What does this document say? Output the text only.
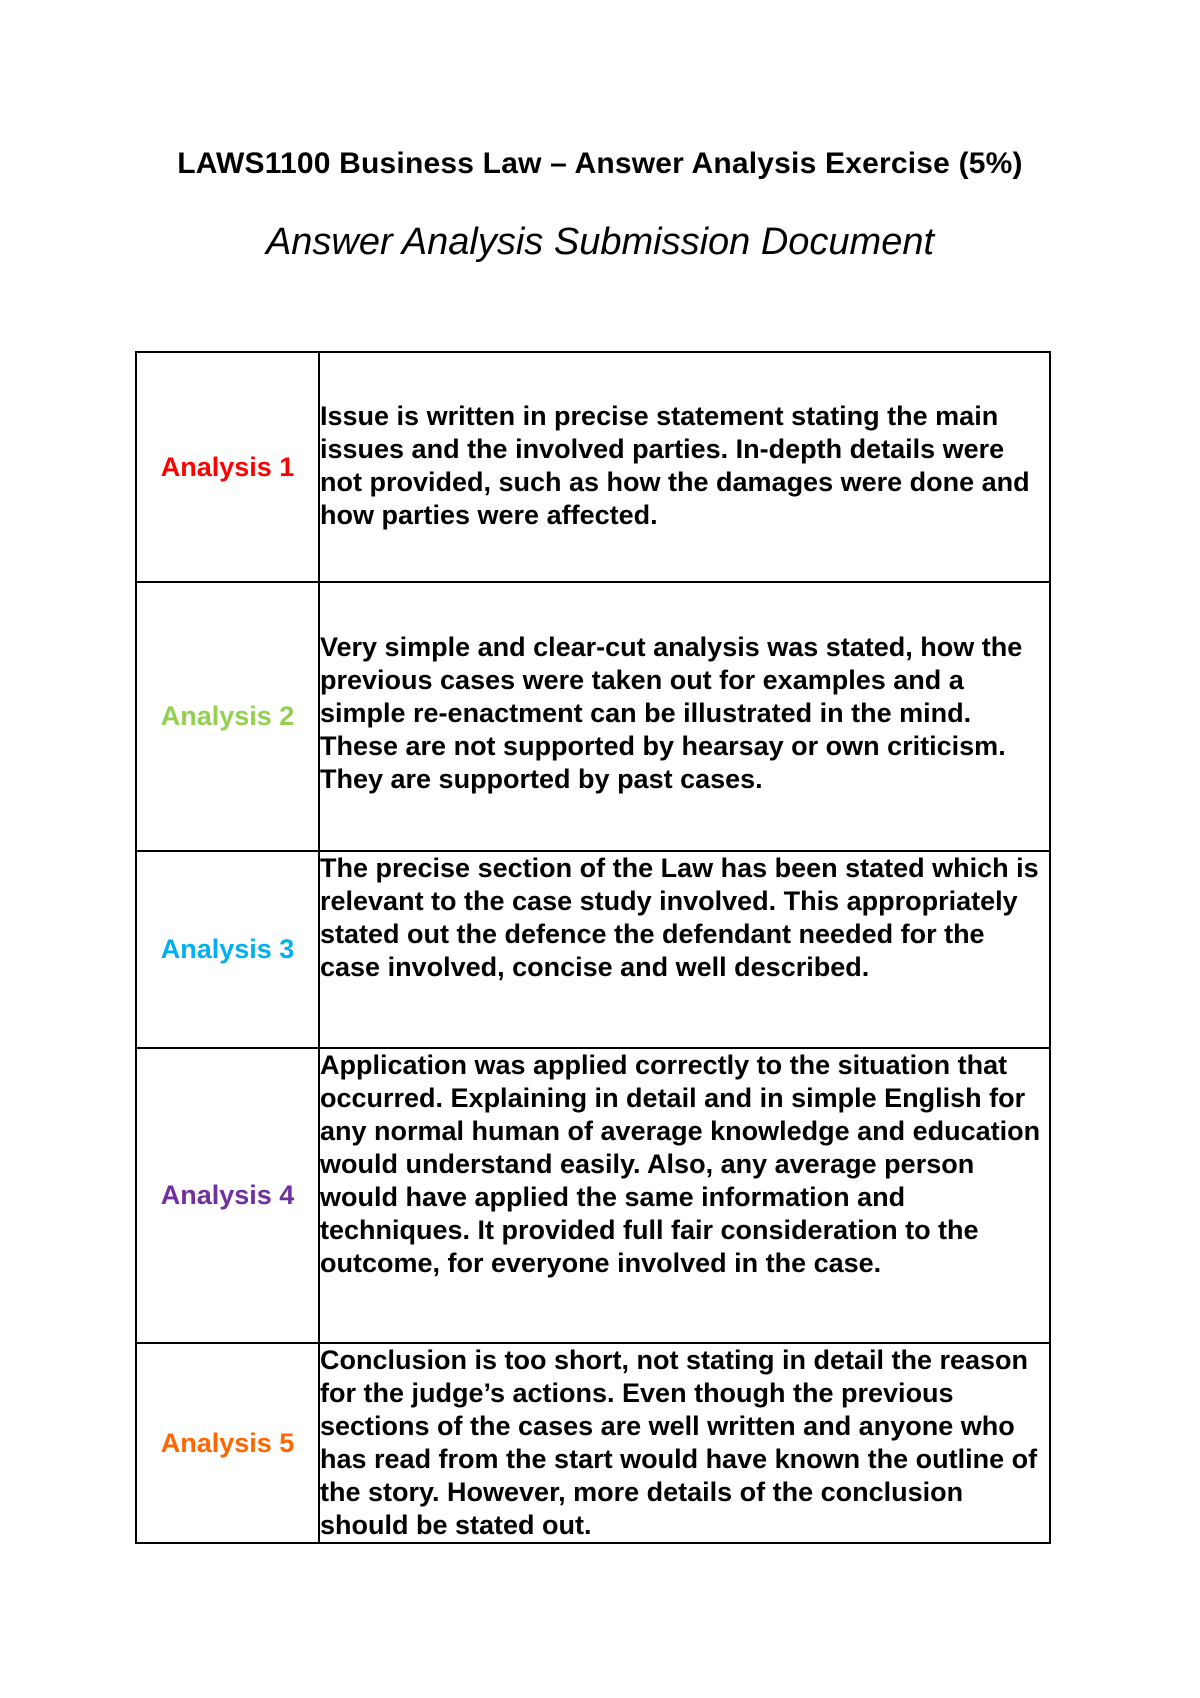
LAWS1100 Business Law – Answer Analysis Exercise (5%)
Answer Analysis Submission Document
Analysis 1	Issue is written in precise statement stating the main issues and the involved parties. In-depth details were not provided, such as how the damages were done and how parties were affected.
Analysis 2	Very simple and clear-cut analysis was stated, how the previous cases were taken out for examples and a simple re-enactment can be illustrated in the mind. These are not supported by hearsay or own criticism. They are supported by past cases.
Analysis 3	The precise section of the Law has been stated which is relevant to the case study involved. This appropriately stated out the defence the defendant needed for the case involved, concise and well described.
Analysis 4	Application was applied correctly to the situation that occurred. Explaining in detail and in simple English for any normal human of average knowledge and education would understand easily. Also, any average person would have applied the same information and techniques. It provided full fair consideration to the outcome, for everyone involved in the case.
Analysis 5	Conclusion is too short, not stating in detail the reason for the judge’s actions. Even though the previous sections of the cases are well written and anyone who has read from the start would have known the outline of the story. However, more details of the conclusion should be stated out.
